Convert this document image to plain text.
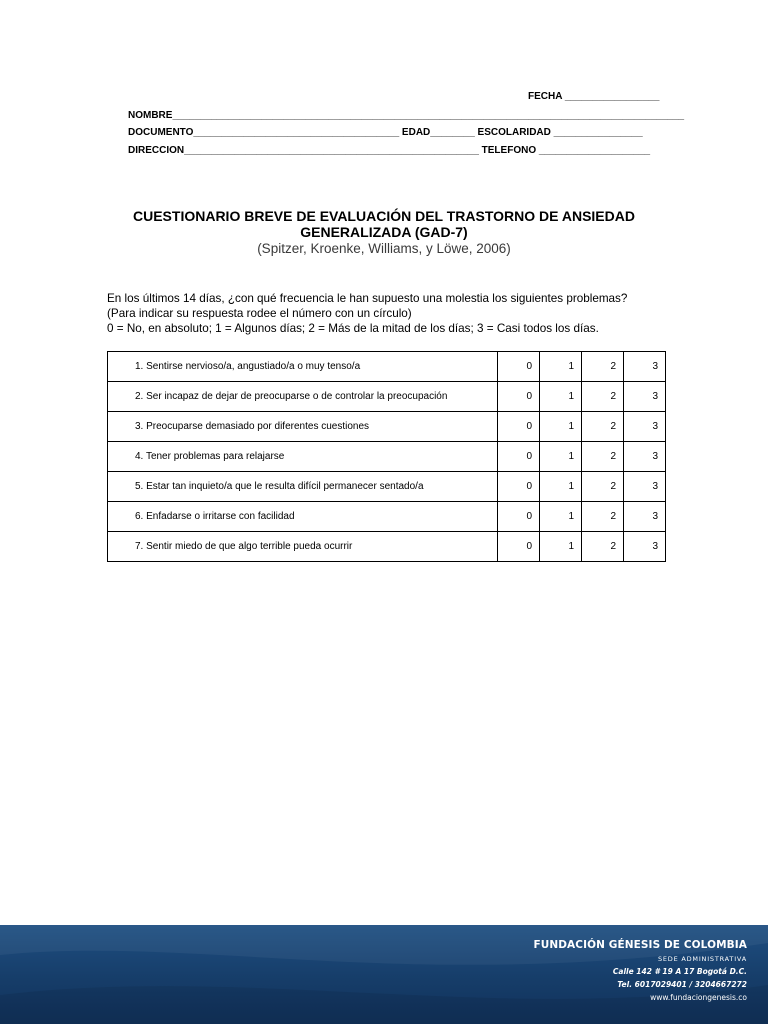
FECHA _________________
NOMBRE____________________________________________________________________________________________
DOCUMENTO_____________________________________ EDAD________ ESCOLARIDAD ________________
DIRECCION_____________________________________________________ TELEFONO ____________________
CUESTIONARIO BREVE DE EVALUACIÓN DEL TRASTORNO DE ANSIEDAD GENERALIZADA (GAD-7)
(Spitzer, Kroenke, Williams, y Löwe, 2006)
En los últimos 14 días, ¿con qué frecuencia le han supuesto una molestia los siguientes problemas?
(Para indicar su respuesta rodee el número con un círculo)
0 = No, en absoluto; 1 = Algunos días; 2 = Más de la mitad de los días; 3 = Casi todos los días.
1. Sentirse nervioso/a, angustiado/a o muy tenso/a	0	1	2	3
2. Ser incapaz de dejar de preocuparse o de controlar la preocupación	0	1	2	3
3. Preocuparse demasiado por diferentes cuestiones	0	1	2	3
4. Tener problemas para relajarse	0	1	2	3
5. Estar tan inquieto/a que le resulta difícil permanecer sentado/a	0	1	2	3
6. Enfadarse o irritarse con facilidad	0	1	2	3
7. Sentir miedo de que algo terrible pueda ocurrir	0	1	2	3
FUNDACIÓN GÉNESIS DE COLOMBIA
SEDE ADMINISTRATIVA
Calle 142 # 19 A 17 Bogotá D.C.
Tel. 6017029401 / 3204667272
www.fundaciongenesis.co
